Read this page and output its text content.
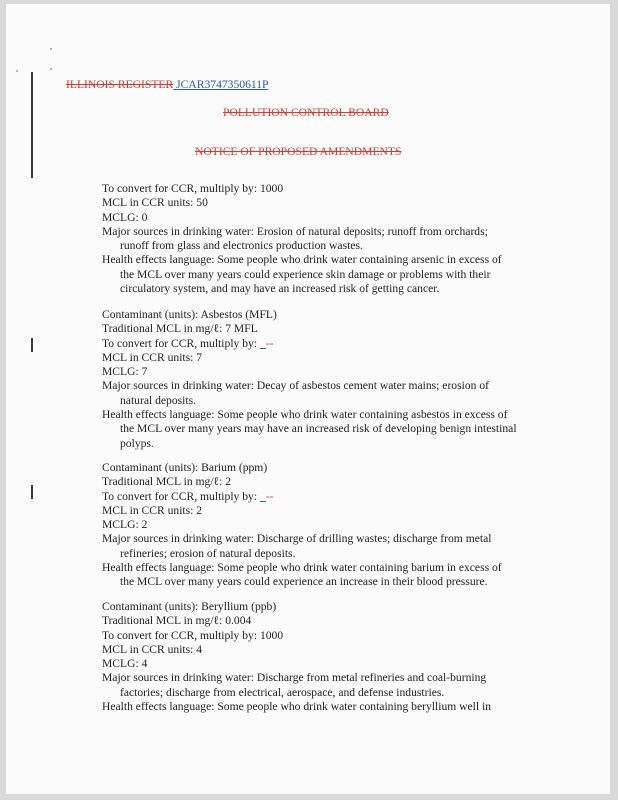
ILLINOIS REGISTER JCAR3747350611P
POLLUTION CONTROL BOARD
NOTICE OF PROPOSED AMENDMENTS
To convert for CCR, multiply by: 1000
MCL in CCR units: 50
MCLG: 0
Major sources in drinking water: Erosion of natural deposits; runoff from orchards;
runoff from glass and electronics production wastes.
Health effects language: Some people who drink water containing arsenic in excess of
the MCL over many years could experience skin damage or problems with their
circulatory system, and may have an increased risk of getting cancer.
Contaminant (units): Asbestos (MFL)
Traditional MCL in mg/ℓ: 7 MFL
To convert for CCR, multiply by: _--
MCL in CCR units: 7
MCLG: 7
Major sources in drinking water: Decay of asbestos cement water mains; erosion of
natural deposits.
Health effects language: Some people who drink water containing asbestos in excess of
the MCL over many years may have an increased risk of developing benign intestinal
polyps.
Contaminant (units): Barium (ppm)
Traditional MCL in mg/ℓ: 2
To convert for CCR, multiply by: _--
MCL in CCR units: 2
MCLG: 2
Major sources in drinking water: Discharge of drilling wastes; discharge from metal
refineries; erosion of natural deposits.
Health effects language: Some people who drink water containing barium in excess of
the MCL over many years could experience an increase in their blood pressure.
Contaminant (units): Beryllium (ppb)
Traditional MCL in mg/ℓ: 0.004
To convert for CCR, multiply by: 1000
MCL in CCR units: 4
MCLG: 4
Major sources in drinking water: Discharge from metal refineries and coal-burning
factories; discharge from electrical, aerospace, and defense industries.
Health effects language: Some people who drink water containing beryllium well in
